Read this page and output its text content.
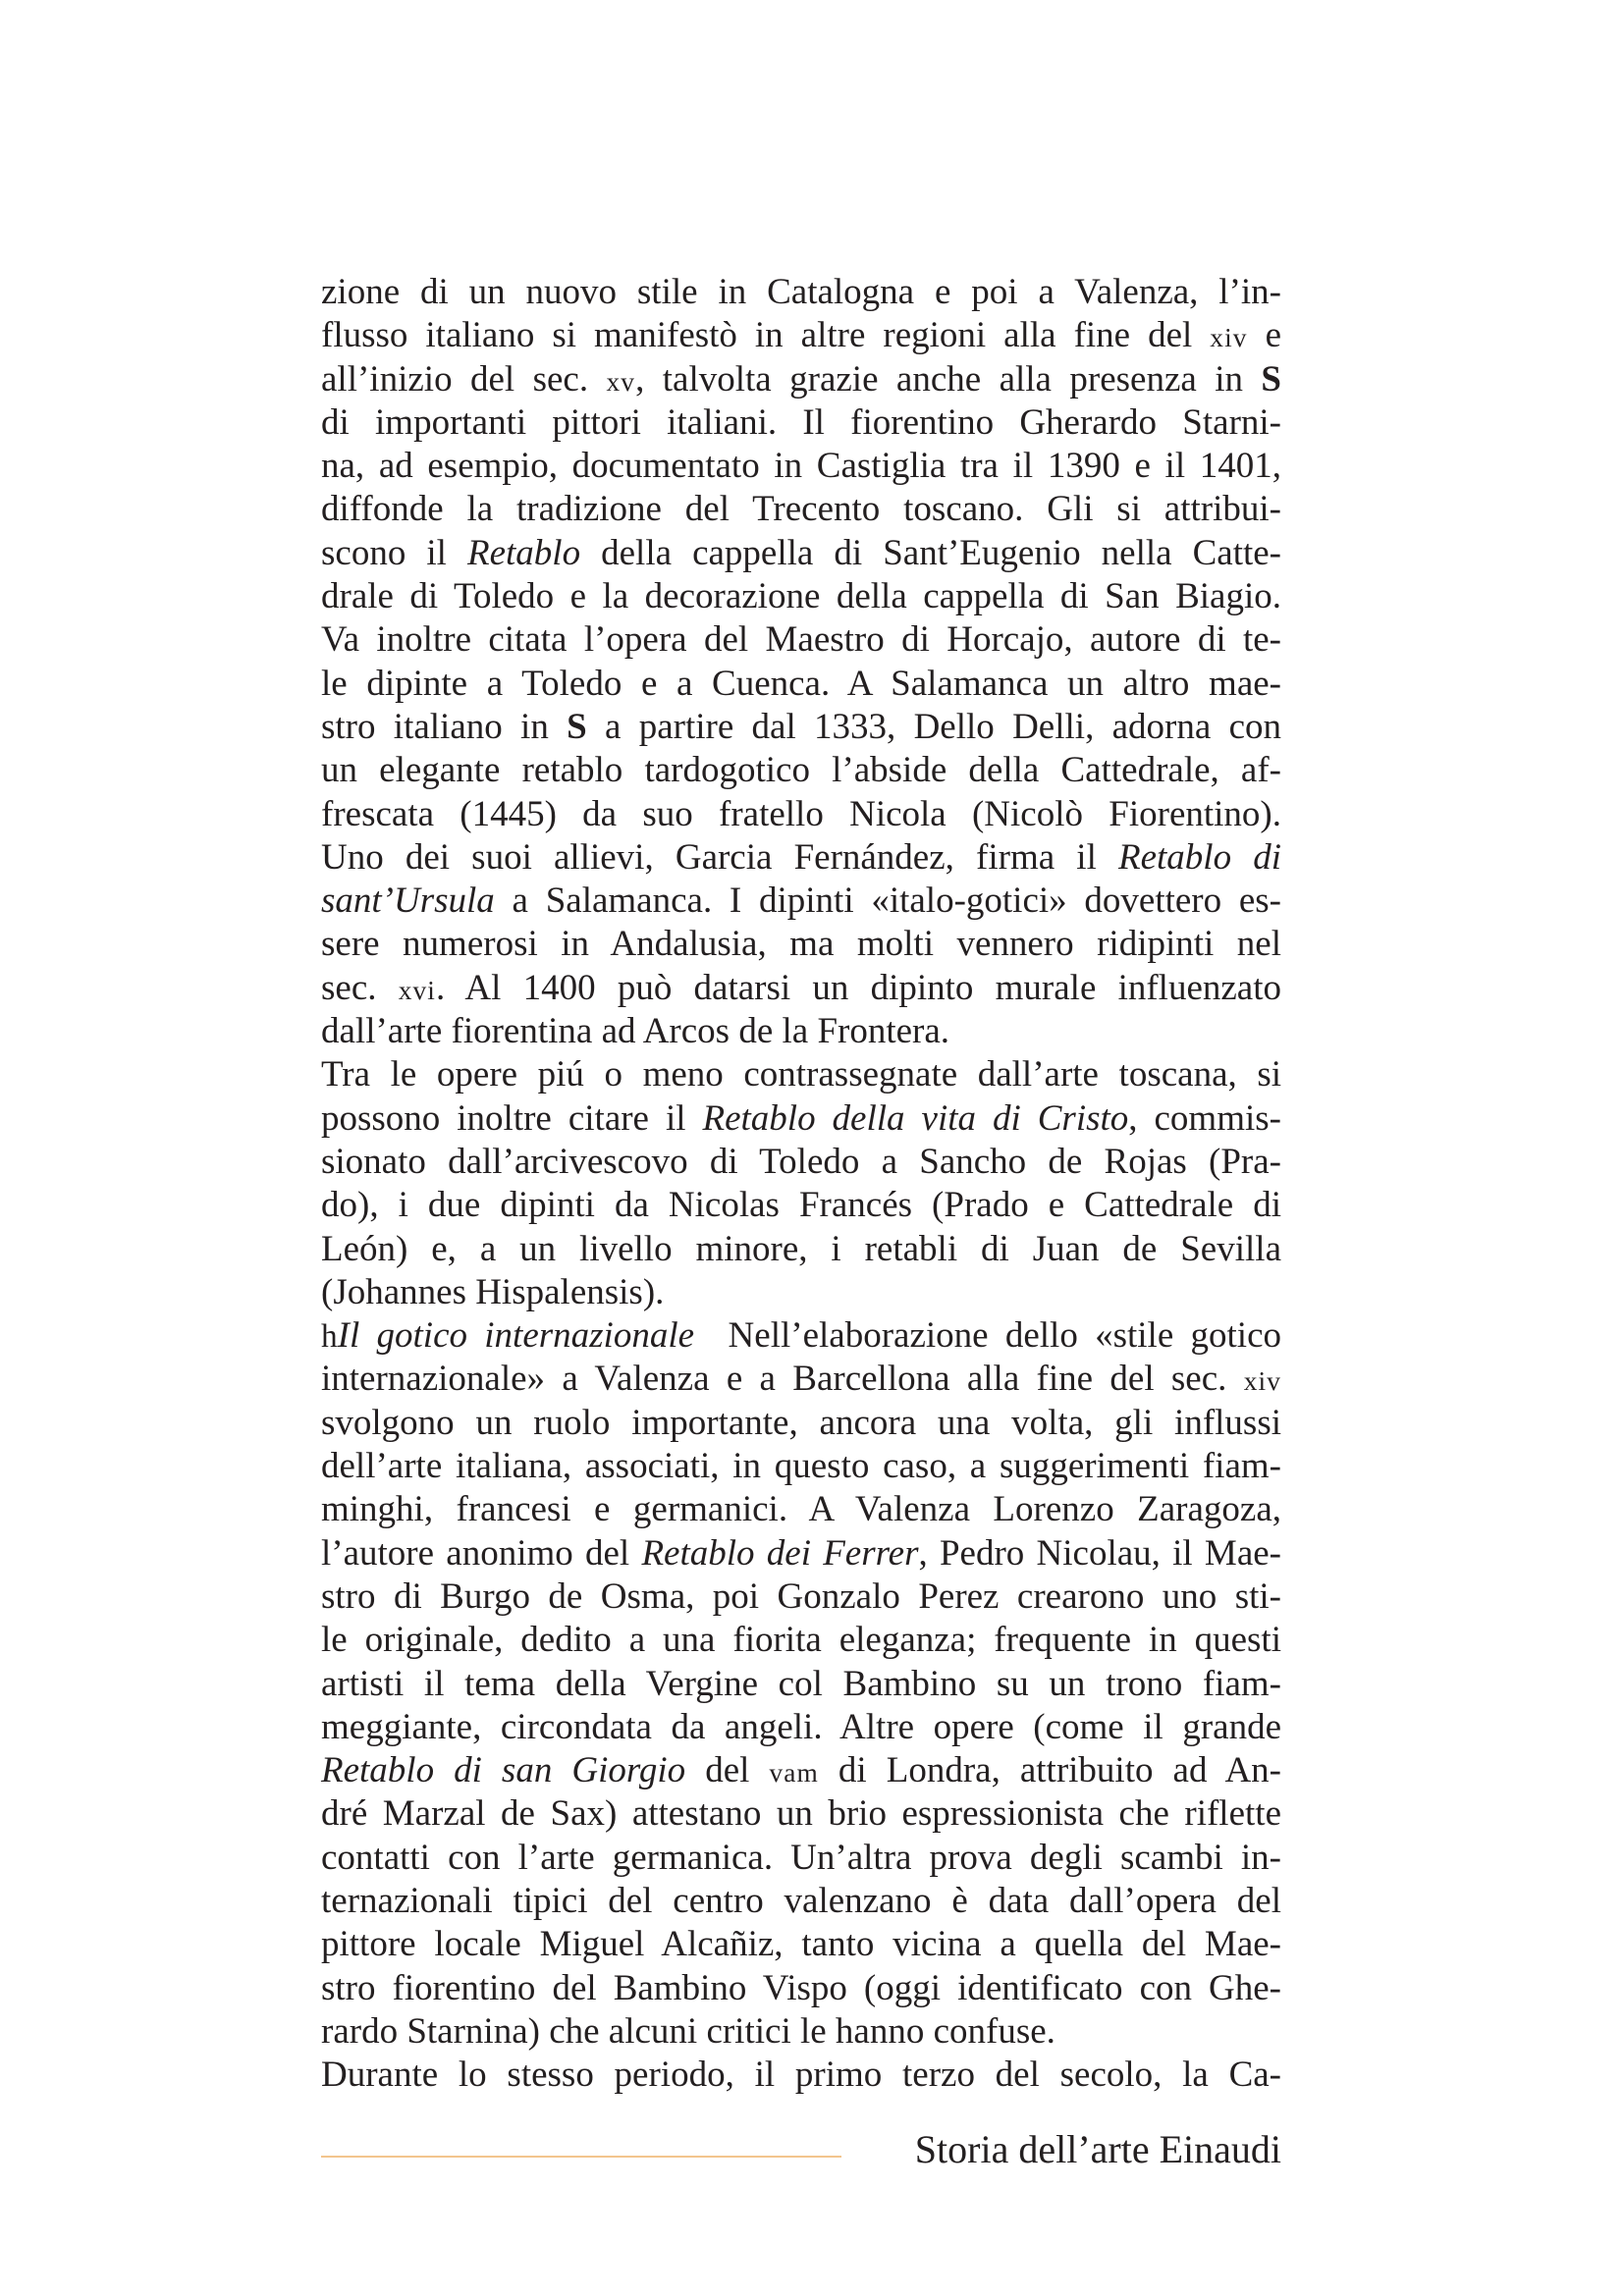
zione di un nuovo stile in Catalogna e poi a Valenza, l’in-
flusso italiano si manifestò in altre regioni alla fine del xiv e
all’inizio del sec. xv, talvolta grazie anche alla presenza in S
di importanti pittori italiani. Il fiorentino Gherardo Starni-
na, ad esempio, documentato in Castiglia tra il 1390 e il 1401,
diffonde la tradizione del Trecento toscano. Gli si attribui-
scono il Retablo della cappella di Sant’Eugenio nella Catte-
drale di Toledo e la decorazione della cappella di San Biagio.
Va inoltre citata l’opera del Maestro di Horcajo, autore di te-
le dipinte a Toledo e a Cuenca. A Salamanca un altro mae-
stro italiano in S a partire dal 1333, Dello Delli, adorna con
un elegante retablo tardogotico l’abside della Cattedrale, af-
frescata (1445) da suo fratello Nicola (Nicolò Fiorentino).
Uno dei suoi allievi, Garcia Fernández, firma il Retablo di
sant’Ursula a Salamanca. I dipinti «italo-gotici» dovettero es-
sere numerosi in Andalusia, ma molti vennero ridipinti nel
sec. xvi. Al 1400 può datarsi un dipinto murale influenzato
dall’arte fiorentina ad Arcos de la Frontera.
Tra le opere piú o meno contrassegnate dall’arte toscana, si
possono inoltre citare il Retablo della vita di Cristo, commis-
sionato dall’arcivescovo di Toledo a Sancho de Rojas (Pra-
do), i due dipinti da Nicolas Francés (Prado e Cattedrale di
León) e, a un livello minore, i retabli di Juan de Sevilla
(Johannes Hispalensis).
hIl gotico internazionale  Nell’elaborazione dello «stile gotico
internazionale» a Valenza e a Barcellona alla fine del sec. xiv
svolgono un ruolo importante, ancora una volta, gli influssi
dell’arte italiana, associati, in questo caso, a suggerimenti fiam-
minghi, francesi e germanici. A Valenza Lorenzo Zaragoza,
l’autore anonimo del Retablo dei Ferrer, Pedro Nicolau, il Mae-
stro di Burgo de Osma, poi Gonzalo Perez crearono uno sti-
le originale, dedito a una fiorita eleganza; frequente in questi
artisti il tema della Vergine col Bambino su un trono fiam-
meggiante, circondata da angeli. Altre opere (come il grande
Retablo di san Giorgio del vam di Londra, attribuito ad An-
dré Marzal de Sax) attestano un brio espressionista che riflette
contatti con l’arte germanica. Un’altra prova degli scambi in-
ternazionali tipici del centro valenzano è data dall’opera del
pittore locale Miguel Alcañiz, tanto vicina a quella del Mae-
stro fiorentino del Bambino Vispo (oggi identificato con Ghe-
rardo Starnina) che alcuni critici le hanno confuse.
Durante lo stesso periodo, il primo terzo del secolo, la Ca-
Storia dell’arte Einaudi
